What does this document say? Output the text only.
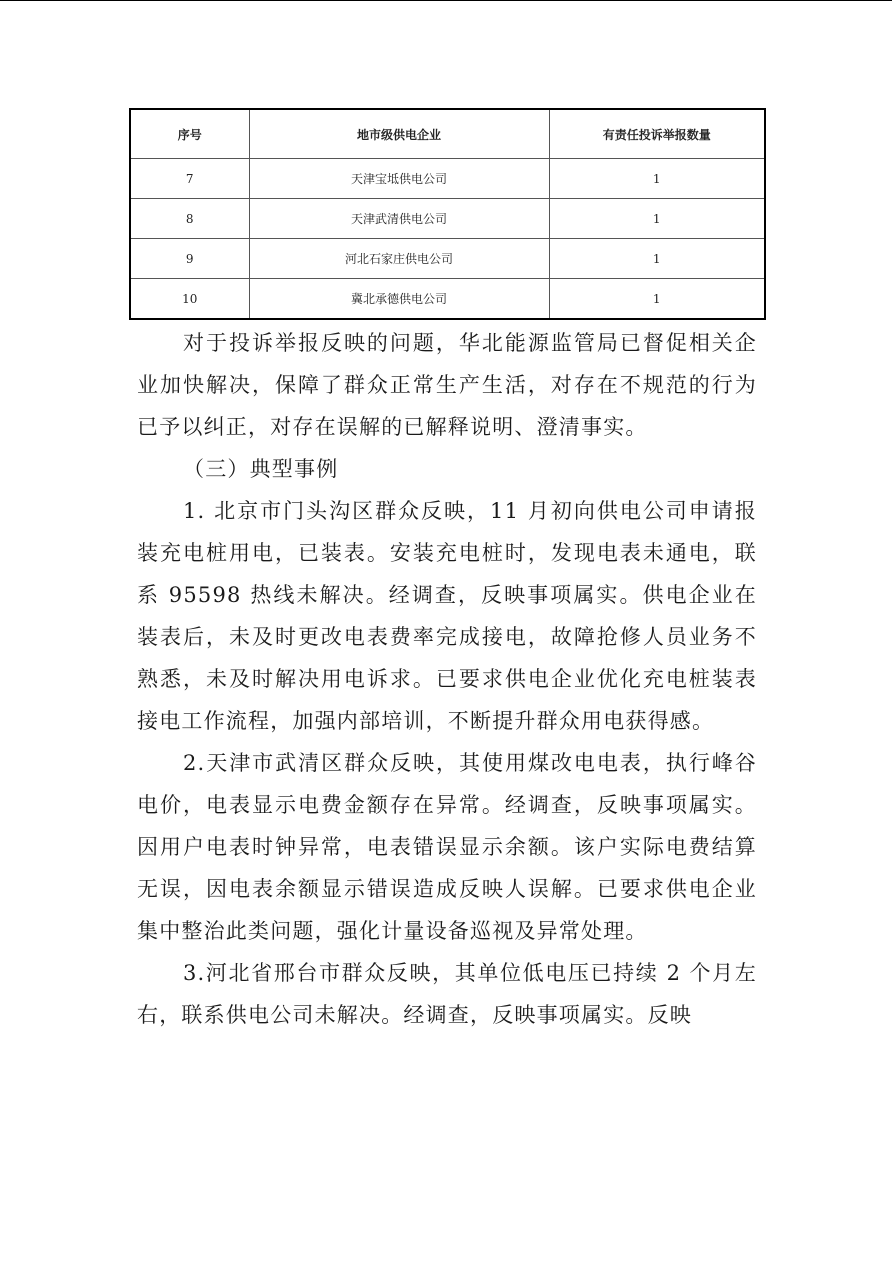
序号	地市级供电企业	有责任投诉举报数量
7	天津宝坻供电公司	1
8	天津武清供电公司	1
9	河北石家庄供电公司	1
10	冀北承德供电公司	1

对于投诉举报反映的问题，华北能源监管局已督促相关企业加快解决，保障了群众正常生产生活，对存在不规范的行为已予以纠正，对存在误解的已解释说明、澄清事实。

（三）典型事例

1. 北京市门头沟区群众反映，11 月初向供电公司申请报装充电桩用电，已装表。安装充电桩时，发现电表未通电，联系 95598 热线未解决。经调查，反映事项属实。供电企业在装表后，未及时更改电表费率完成接电，故障抢修人员业务不熟悉，未及时解决用电诉求。已要求供电企业优化充电桩装表接电工作流程，加强内部培训，不断提升群众用电获得感。

2.天津市武清区群众反映，其使用煤改电电表，执行峰谷电价，电表显示电费金额存在异常。经调查，反映事项属实。因用户电表时钟异常，电表错误显示余额。该户实际电费结算无误，因电表余额显示错误造成反映人误解。已要求供电企业集中整治此类问题，强化计量设备巡视及异常处理。

3.河北省邢台市群众反映，其单位低电压已持续 2 个月左右，联系供电公司未解决。经调查，反映事项属实。反映
